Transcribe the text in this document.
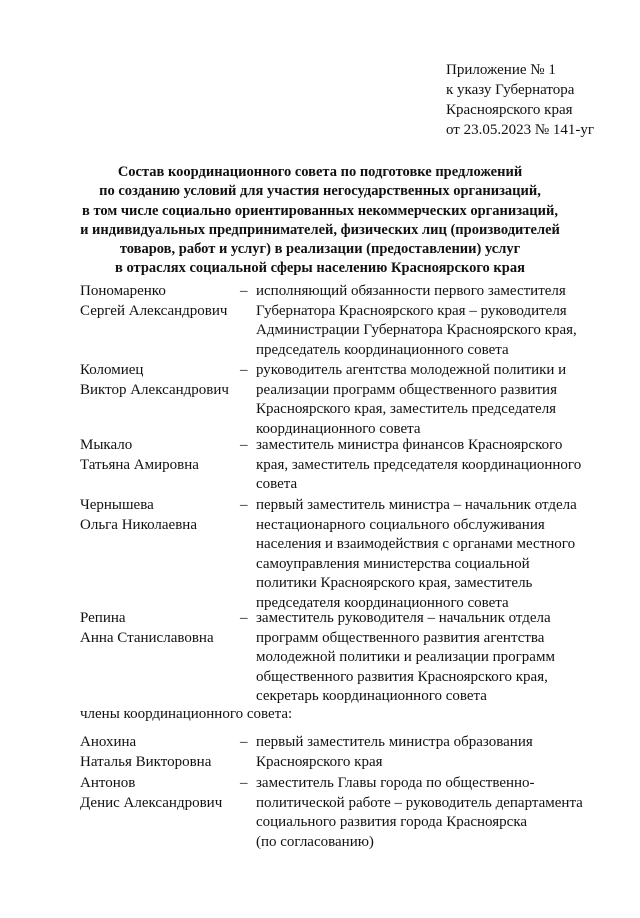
Приложение № 1
к указу Губернатора
Красноярского края
от 23.05.2023 № 141-уг
Состав координационного совета по подготовке предложений
по созданию условий для участия негосударственных организаций,
в том числе социально ориентированных некоммерческих организаций,
и индивидуальных предпринимателей, физических лиц (производителей
товаров, работ и услуг) в реализации (предоставлении) услуг
в отраслях социальной сферы населению Красноярского края
Пономаренко
Сергей Александрович
– исполняющий обязанности первого заместителя
Губернатора Красноярского края – руководителя
Администрации Губернатора Красноярского края,
председатель координационного совета
Коломиец
Виктор Александрович
– руководитель агентства молодежной политики и
реализации программ общественного развития
Красноярского края, заместитель председателя
координационного совета
Мыкало
Татьяна Амировна
– заместитель министра финансов Красноярского
края, заместитель председателя координационного
совета
Чернышева
Ольга Николаевна
– первый заместитель министра – начальник отдела
нестационарного социального обслуживания
населения и взаимодействия с органами местного
самоуправления министерства социальной
политики Красноярского края, заместитель
председателя координационного совета
Репина
Анна Станиславовна
– заместитель руководителя – начальник отдела
программ общественного развития агентства
молодежной политики и реализации программ
общественного развития Красноярского края,
секретарь координационного совета
члены координационного совета:
Анохина
Наталья Викторовна
– первый заместитель министра образования
Красноярского края
Антонов
Денис Александрович
– заместитель Главы города по общественно-
политической работе – руководитель департамента
социального развития города Красноярска
(по согласованию)
